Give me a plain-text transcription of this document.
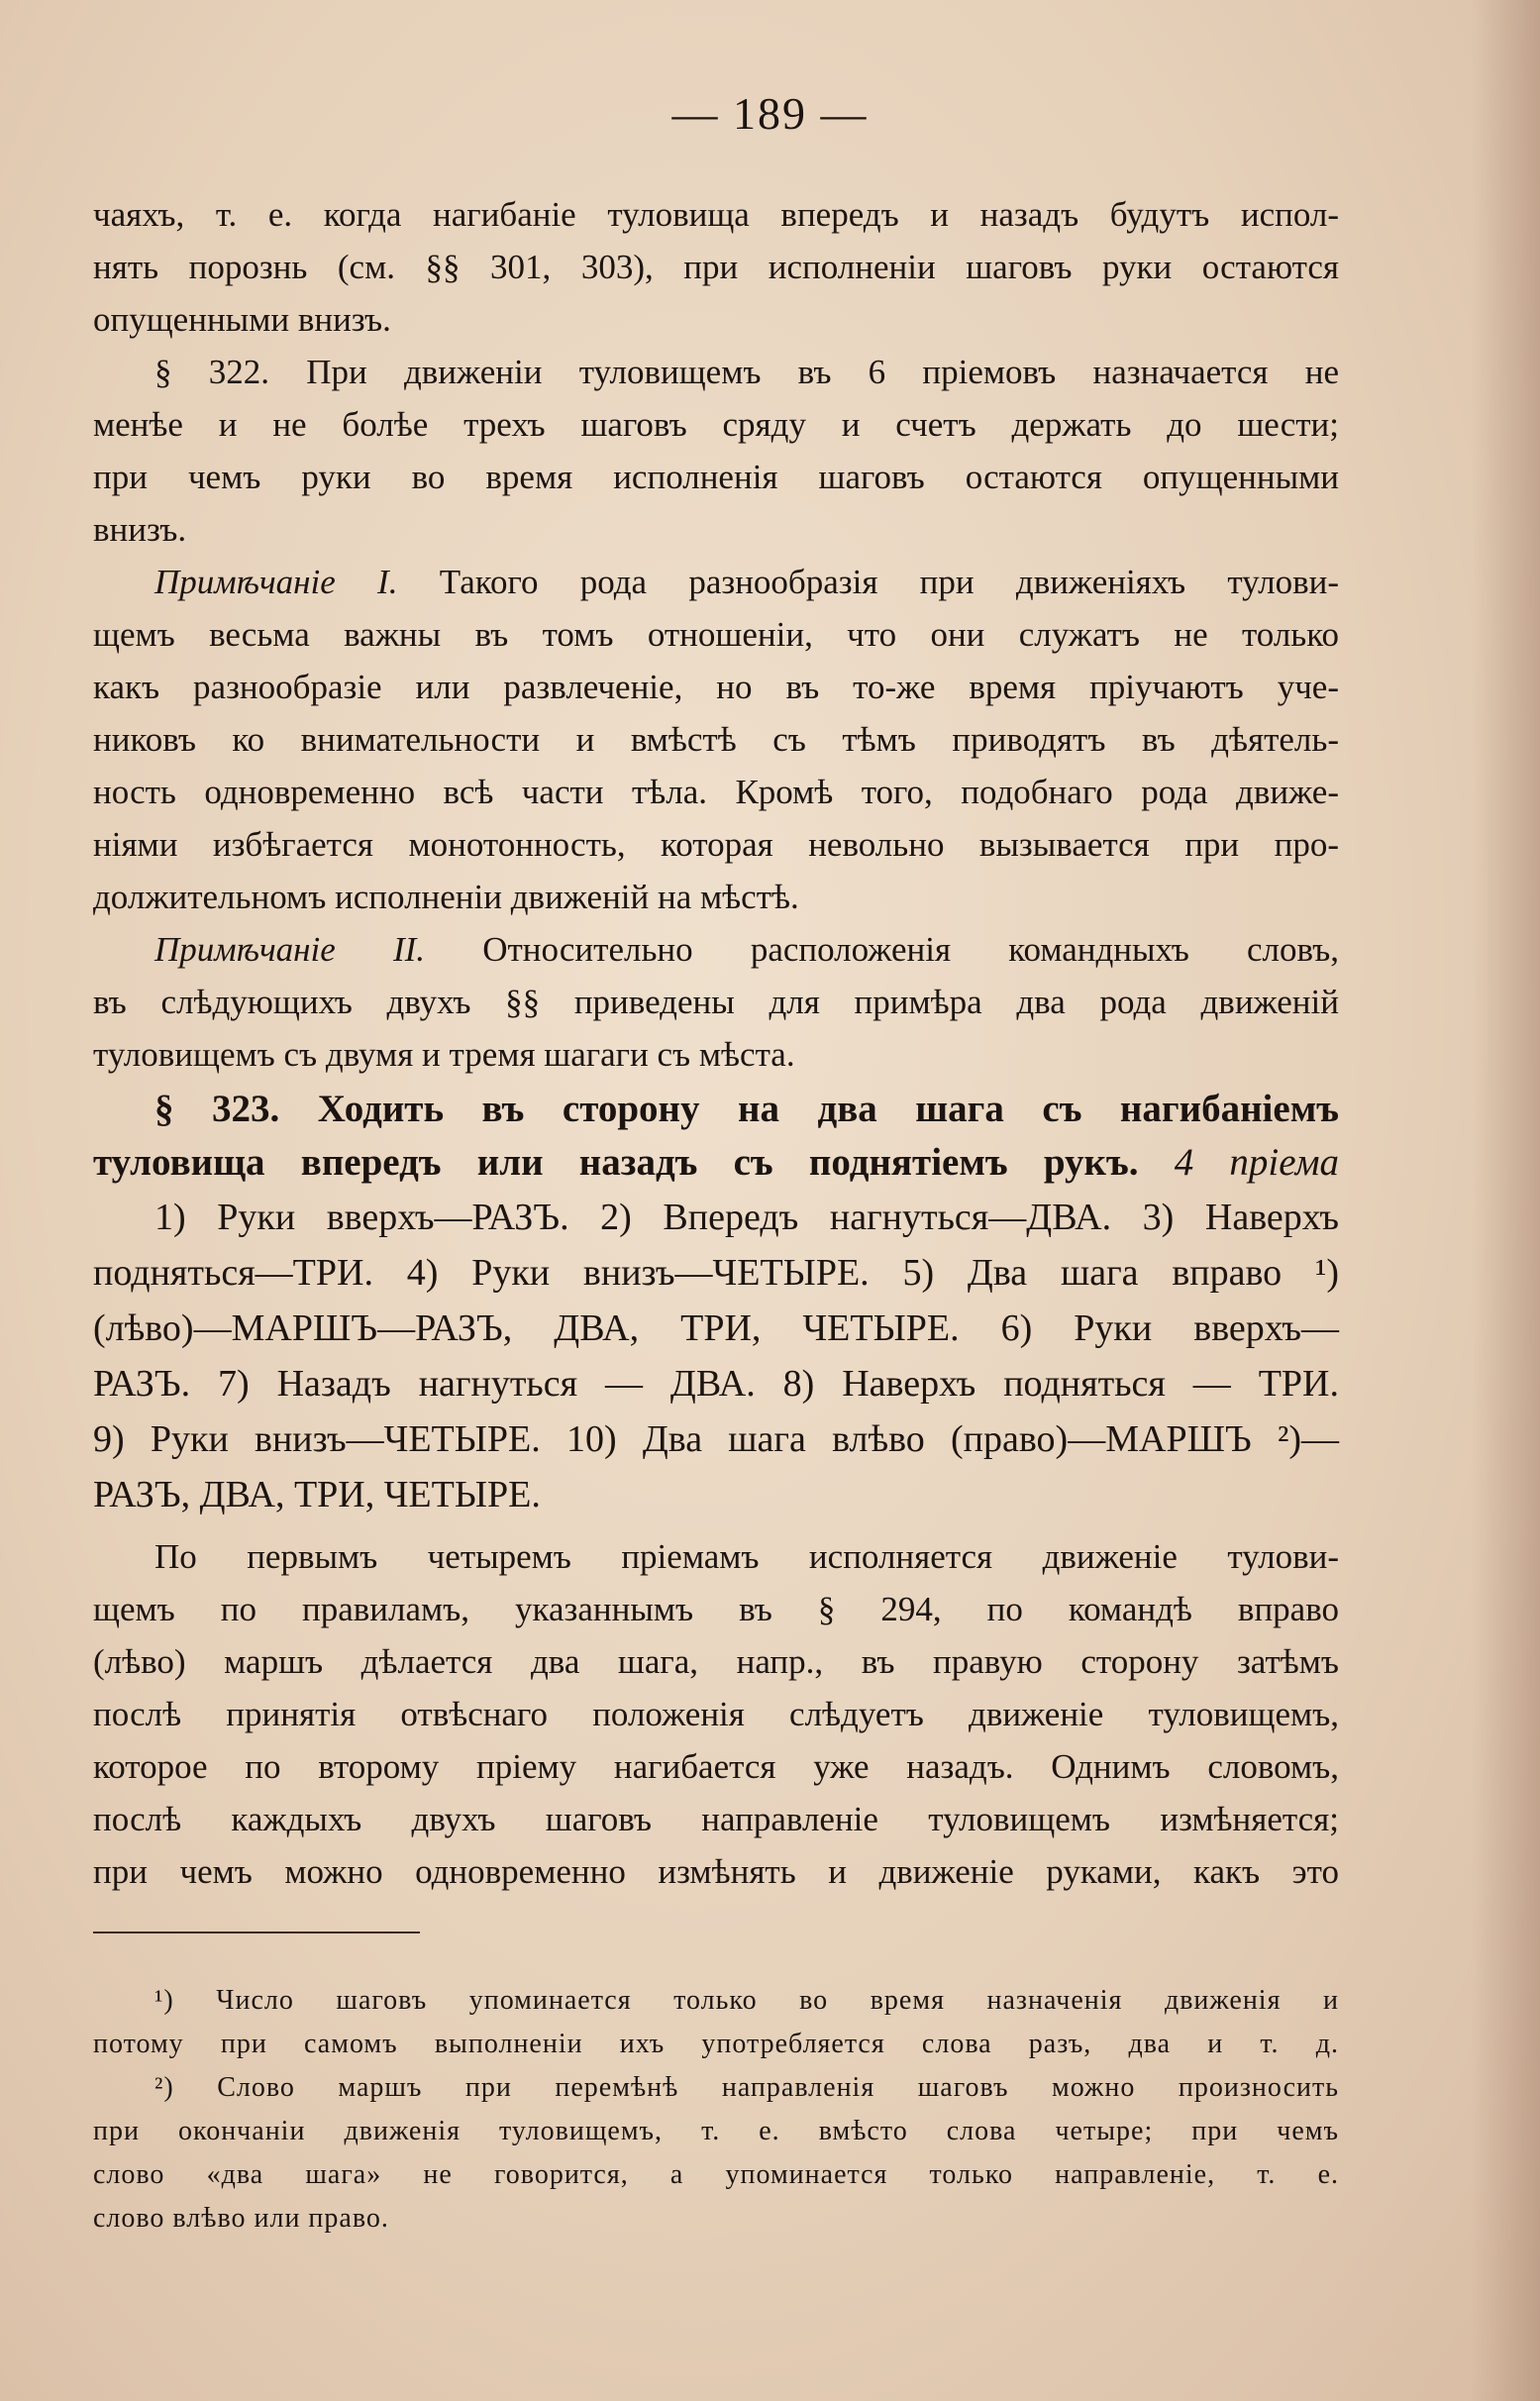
— 189 —

чаяхъ, т. е. когда нагибаніе туловища впередъ и назадъ будутъ испол-
нять порознь (см. §§ 301, 303), при исполненіи шаговъ руки остаются
опущенными внизъ.

§ 322. При движеніи туловищемъ въ 6 пріемовъ назначается не
менѣе и не болѣе трехъ шаговъ сряду и счетъ держать до шести;
при чемъ руки во время исполненія шаговъ остаются опущенными
внизъ.

Примѣчаніе I. Такого рода разнообразія при движеніяхъ тулови-
щемъ весьма важны въ томъ отношеніи, что они служатъ не только
какъ разнообразіе или развлеченіе, но въ то-же время пріучаютъ уче-
никовъ ко внимательности и вмѣстѣ съ тѣмъ приводятъ въ дѣятель-
ность одновременно всѣ части тѣла. Кромѣ того, подобнаго рода движе-
ніями избѣгается монотонность, которая невольно вызывается при про-
должительномъ исполненіи движеній на мѣстѣ.

Примѣчаніе II. Относительно расположенія командныхъ словъ,
въ слѣдующихъ двухъ §§ приведены для примѣра два рода движеній
туловищемъ съ двумя и тремя шагаги съ мѣста.

§ 323. Ходить въ сторону на два шага съ нагибаніемъ
туловища впередъ или назадъ съ поднятіемъ рукъ. 4 пріема

1) Руки вверхъ—РАЗЪ. 2) Впередъ нагнуться—ДВА. 3) Наверхъ
подняться—ТРИ. 4) Руки внизъ—ЧЕТЫРЕ. 5) Два шага вправо ¹)
(лѣво)—МАРШЪ—РАЗЪ, ДВА, ТРИ, ЧЕТЫРЕ. 6) Руки вверхъ—
РАЗЪ. 7) Назадъ нагнуться — ДВА. 8) Наверхъ подняться — ТРИ.
9) Руки внизъ—ЧЕТЫРЕ. 10) Два шага влѣво (право)—МАРШЪ ²)—
РАЗЪ, ДВА, ТРИ, ЧЕТЫРЕ.

По первымъ четыремъ пріемамъ исполняется движеніе тулови-
щемъ по правиламъ, указаннымъ въ § 294, по командѣ вправо
(лѣво) маршъ дѣлается два шага, напр., въ правую сторону затѣмъ
послѣ принятія отвѣснаго положенія слѣдуетъ движеніе туловищемъ,
которое по второму пріему нагибается уже назадъ. Однимъ словомъ,
послѣ каждыхъ двухъ шаговъ направленіе туловищемъ измѣняется;
при чемъ можно одновременно измѣнять и движеніе руками, какъ это

¹) Число шаговъ упоминается только во время назначенія движенія и
потому при самомъ выполненіи ихъ употребляется слова разъ, два и т. д.

²) Слово маршъ при перемѣнѣ направленія шаговъ можно произносить
при окончаніи движенія туловищемъ, т. е. вмѣсто слова четыре; при чемъ
слово «два шага» не говорится, а упоминается только направленіе, т. е.
слово влѣво или право.
